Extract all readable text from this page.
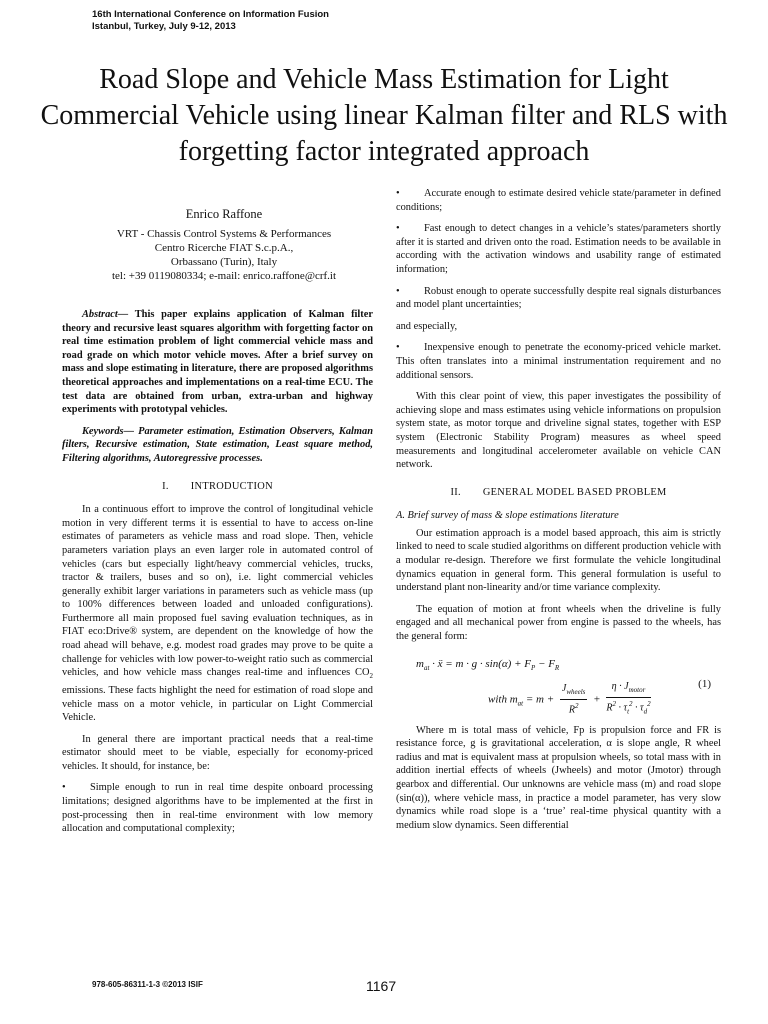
16th International Conference on Information Fusion
Istanbul, Turkey, July 9-12, 2013
Road Slope and Vehicle Mass Estimation for Light Commercial Vehicle using linear Kalman filter and RLS with forgetting factor integrated approach
Enrico Raffone
VRT - Chassis Control Systems & Performances
Centro Ricerche FIAT S.c.p.A.,
Orbassano (Turin), Italy
tel: +39 0119080334; e-mail: enrico.raffone@crf.it

Abstract— This paper explains application of Kalman filter theory and recursive least squares algorithm with forgetting factor on real time estimation problem of light commercial vehicle mass and road grade on which motor vehicle moves. After a brief survey on mass and slope estimating in literature, there are proposed algorithms theoretical approaches and implementations on a real-time ECU. The test data are obtained from urban, extra-urban and highway experiments with prototypal vehicles.

Keywords— Parameter estimation, Estimation Observers, Kalman filters, Recursive estimation, State estimation, Least square method, Filtering algorithms, Autoregressive processes.

I. INTRODUCTION

In a continuous effort to improve the control of longitudinal vehicle motion in very different terms it is essential to have to access on-line estimates of parameters as vehicle mass and road slope. Then, vehicle parameters variation plays an even larger role in automated control of vehicles (cars but especially light/heavy commercial vehicles, trucks, tractor & trailers, buses and so on), i.e. light commercial vehicles generally exhibit larger variations in parameters such as vehicle mass (up to 100% differences between loaded and unloaded configurations). Furthermore all main proposed fuel saving evaluation techniques, as in FIAT eco:Drive® system, are dependent on the knowledge of how the road ahead will behave, e.g. modest road grades may prove to be quite a challenge for vehicles with low power-to-weight ratio such as commercial vehicles, and how vehicle mass changes real-time and influences $CO_2$ emissions. These facts highlight the need for estimation of road slope and vehicle mass on a motor vehicle, in particular on Light Commercial Vehicle.

In general there are important practical needs that a real-time estimator should meet to be viable, especially for economy-priced vehicles. It should, for instance, be:

• Simple enough to run in real time despite onboard processing limitations; designed algorithms have to be implemented at the first in post-processing then in real-time environment with low memory allocation and computational complexity;

• Accurate enough to estimate desired vehicle state/parameter in defined conditions;

• Fast enough to detect changes in a vehicle’s states/parameters shortly after it is started and driven onto the road. Estimation needs to be available in according with the activation windows and usability range of estimated information;

• Robust enough to operate successfully despite real signals disturbances and model plant uncertainties;

and especially,

• Inexpensive enough to penetrate the economy-priced vehicle market. This often translates into a minimal instrumentation requirement and no additional sensors.

With this clear point of view, this paper investigates the possibility of achieving slope and mass estimates using vehicle informations on propulsion system state, as motor torque and driveline signal states, together with ESP system (Electronic Stability Program) measures as wheel speed measurements and longitudinal accelerometer available on vehicle CAN network.

II. GENERAL MODEL BASED PROBLEM
A. Brief survey of mass & slope estimations literature

Our estimation approach is a model based approach, this aim is strictly linked to need to scale studied algorithms on different production vehicle with a modular re-design. Therefore we first formulate the vehicle longitudinal dynamics equation in general form. This general formulation is useful to understand plant non-linearity and/or time variance complexity.

The equation of motion at front wheels when the driveline is fully engaged and all mechanical power from engine is passed to the wheels, has the general form:

$m_{at}$ · ẍ = $m \cdot g \cdot \sin(\alpha) + F_P - F_R$
with $m_{at} = m + \frac{J_{wheels}}{R^2} + \frac{\eta \cdot J_{motor}}{R^2 \cdot \tau_t^2 \cdot \tau_d^2}$	(1)

Where m is total mass of vehicle, Fp is propulsion force and FR is resistance force, g is gravitational acceleration, α is slope angle, R wheel radius and mat is equivalent mass at propulsion wheels, so total mass with in addition inertial effects of wheels (Jwheels) and motor (Jmotor) through gearbox and differential. Our unknowns are vehicle mass (m) and road slope (sin(α)), where vehicle mass, in practice a model parameter, has very slow dynamics while road slope is a ‘true’ real-time physical quantity with a medium slow dynamics. Seen differential

978-605-86311-1-3 ©2013 ISIF	1167
